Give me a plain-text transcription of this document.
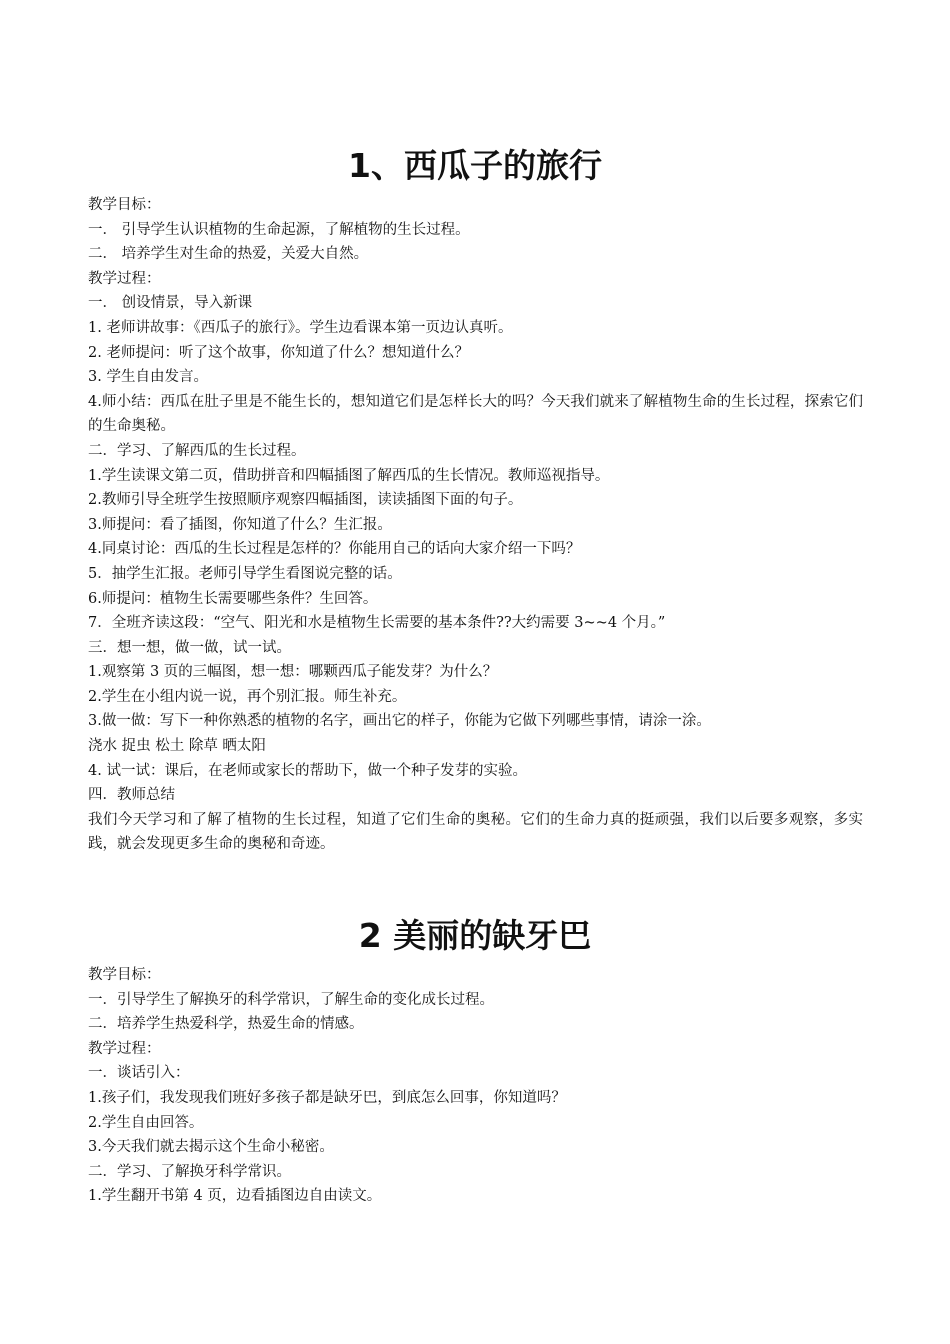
1、西瓜子的旅行

教学目标：

一． 引导学生认识植物的生命起源，了解植物的生长过程。

二． 培养学生对生命的热爱，关爱大自然。

教学过程：

一． 创设情景，导入新课

1. 老师讲故事：《西瓜子的旅行》。学生边看课本第一页边认真听。

2. 老师提问：听了这个故事，你知道了什么？想知道什么？

3. 学生自由发言。

4.师小结：西瓜在肚子里是不能生长的，想知道它们是怎样长大的吗？今天我们就来了解植物生命的生长过程，探索它们的生命奥秘。

二．学习、了解西瓜的生长过程。

1.学生读课文第二页，借助拼音和四幅插图了解西瓜的生长情况。教师巡视指导。

2.教师引导全班学生按照顺序观察四幅插图，读读插图下面的句子。

3.师提问：看了插图，你知道了什么？生汇报。

4.同桌讨论：西瓜的生长过程是怎样的？你能用自己的话向大家介绍一下吗？

5．抽学生汇报。老师引导学生看图说完整的话。

6.师提问：植物生长需要哪些条件？生回答。

7．全班齐读这段：“空气、阳光和水是植物生长需要的基本条件??大约需要 3~~4 个月。”

三．想一想，做一做，试一试。

1.观察第 3 页的三幅图，想一想：哪颗西瓜子能发芽？为什么？

2.学生在小组内说一说，再个别汇报。师生补充。

3.做一做：写下一种你熟悉的植物的名字，画出它的样子，你能为它做下列哪些事情，请涂一涂。

浇水 捉虫 松土 除草 晒太阳

4. 试一试：课后，在老师或家长的帮助下，做一个种子发芽的实验。

四．教师总结

我们今天学习和了解了植物的生长过程，知道了它们生命的奥秘。它们的生命力真的挺顽强，我们以后要多观察，多实践，就会发现更多生命的奥秘和奇迹。

2 美丽的缺牙巴

教学目标：

一．引导学生了解换牙的科学常识，了解生命的变化成长过程。

二．培养学生热爱科学，热爱生命的情感。

教学过程：

一．谈话引入：

1.孩子们，我发现我们班好多孩子都是缺牙巴，到底怎么回事，你知道吗？

2.学生自由回答。

3.今天我们就去揭示这个生命小秘密。

二．学习、了解换牙科学常识。

1.学生翻开书第 4 页，边看插图边自由读文。
